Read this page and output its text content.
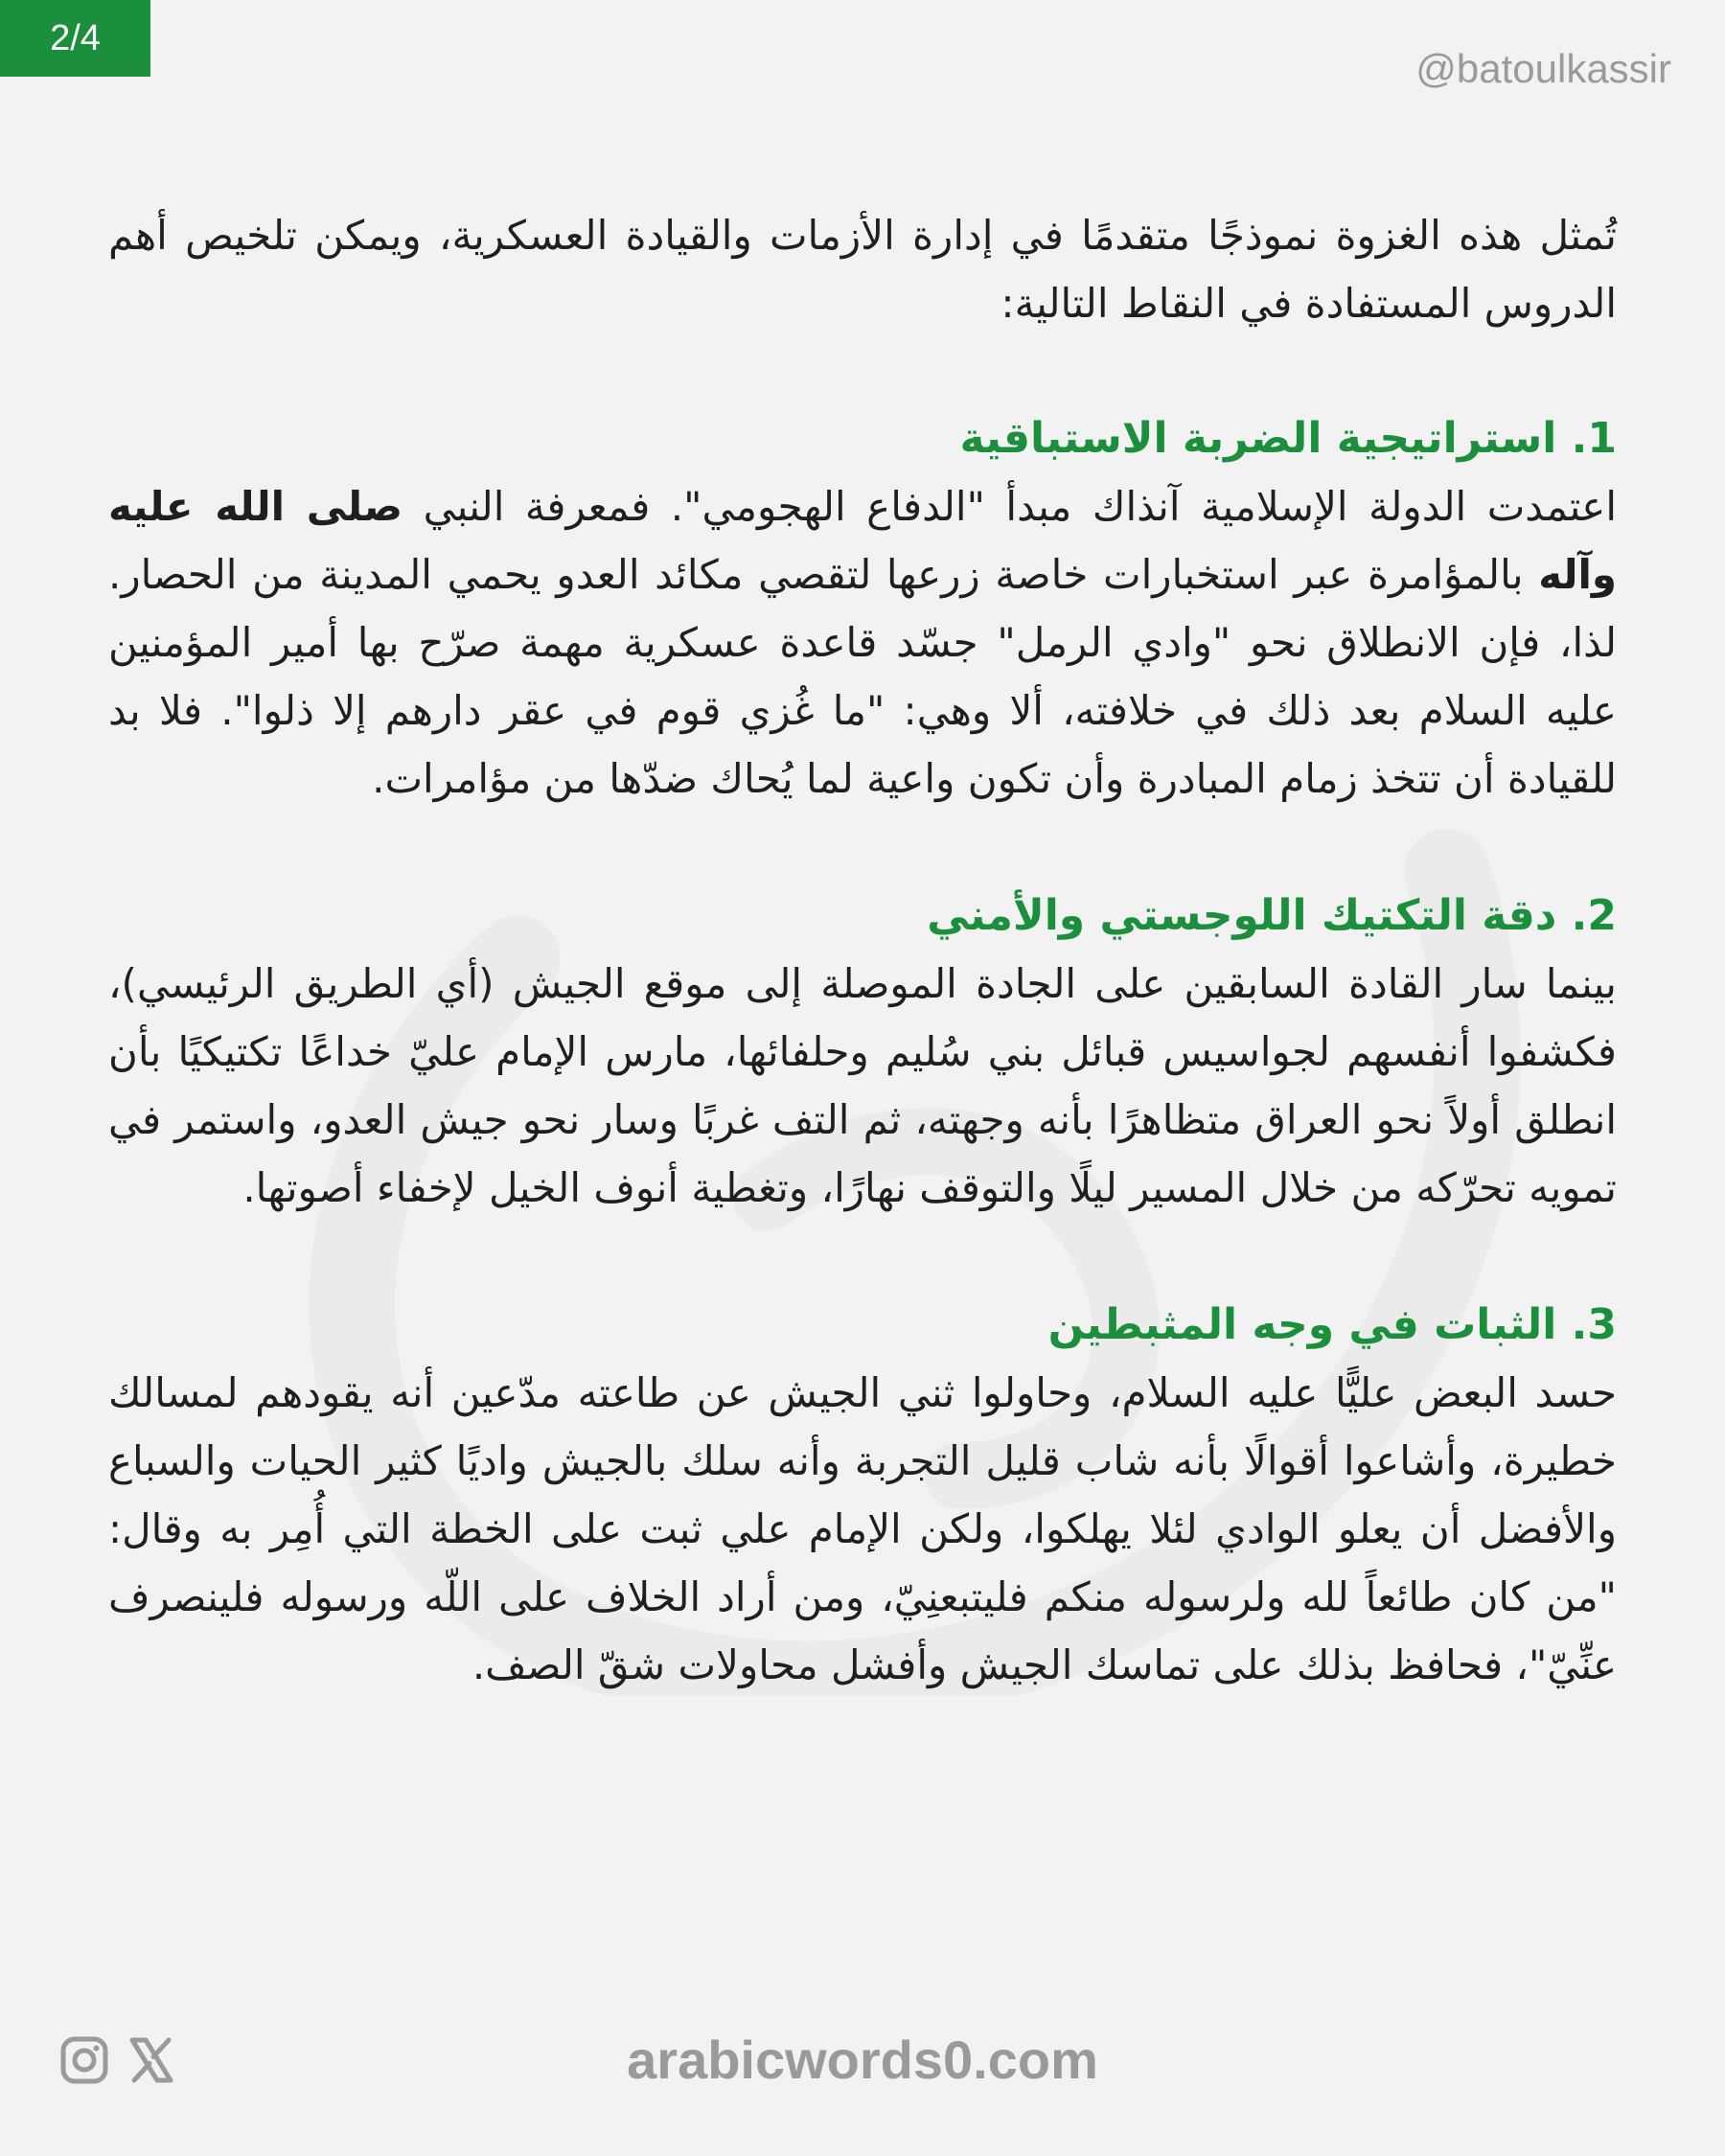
2/4
@batoulkassir

تُمثل هذه الغزوة نموذجًا متقدمًا في إدارة الأزمات والقيادة العسكرية، ويمكن تلخيص أهم الدروس المستفادة في النقاط التالية:

1. استراتيجية الضربة الاستباقية

اعتمدت الدولة الإسلامية آنذاك مبدأ "الدفاع الهجومي". فمعرفة النبي صلى الله عليه وآله بالمؤامرة عبر استخبارات خاصة زرعها لتقصي مكائد العدو يحمي المدينة من الحصار. لذا، فإن الانطلاق نحو "وادي الرمل" جسّد قاعدة عسكرية مهمة صرّح بها أمير المؤمنين عليه السلام بعد ذلك في خلافته، ألا وهي: "ما غُزي قوم في عقر دارهم إلا ذلوا". فلا بد للقيادة أن تتخذ زمام المبادرة وأن تكون واعية لما يُحاك ضدّها من مؤامرات.

2. دقة التكتيك اللوجستي والأمني

بينما سار القادة السابقين على الجادة الموصلة إلى موقع الجيش (أي الطريق الرئيسي)، فكشفوا أنفسهم لجواسيس قبائل بني سُليم وحلفائها، مارس الإمام عليّ خداعًا تكتيكيًا بأن انطلق أولاً نحو العراق متظاهرًا بأنه وجهته، ثم التف غربًا وسار نحو جيش العدو، واستمر في تمويه تحرّكه من خلال المسير ليلًا والتوقف نهارًا، وتغطية أنوف الخيل لإخفاء أصوتها.

3. الثبات في وجه المثبطين

حسد البعض عليًّا عليه السلام، وحاولوا ثني الجيش عن طاعته مدّعين أنه يقودهم لمسالك خطيرة، وأشاعوا أقوالًا بأنه شاب قليل التجربة وأنه سلك بالجيش واديًا كثير الحيات والسباع والأفضل أن يعلو الوادي لئلا يهلكوا، ولكن الإمام علي ثبت على الخطة التي أُمِر به وقال: "من كان طائعاً لله ولرسوله منكم فليتبعنِيّ، ومن أراد الخلاف على اللّه ورسوله فلينصرف عنِّيّ"، فحافظ بذلك على تماسك الجيش وأفشل محاولات شقّ الصف.

arabicwords0.com
